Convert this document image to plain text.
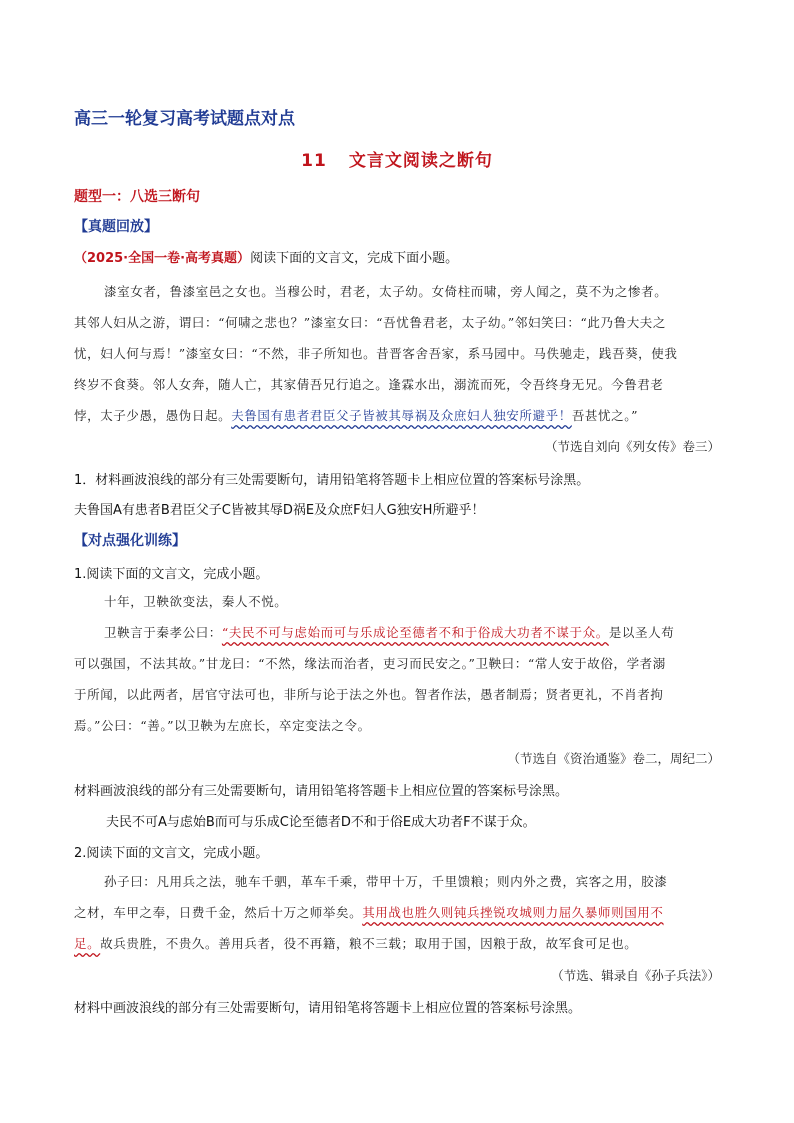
高三一轮复习高考试题点对点
11 文言文阅读之断句
题型一：八选三断句
【真题回放】
（2025·全国一卷·高考真题）阅读下面的文言文，完成下面小题。
漆室女者，鲁漆室邑之女也。当穆公时，君老，太子幼。女倚柱而啸，旁人闻之，莫不为之惨者。
其邻人妇从之游，谓曰：“何啸之悲也？”漆室女曰：“吾忧鲁君老，太子幼。”邻妇笑曰：“此乃鲁大夫之
忧，妇人何与焉！”漆室女曰：“不然，非子所知也。昔晋客舍吾家，系马园中。马佚驰走，践吾葵，使我
终岁不食葵。邻人女奔，随人亡，其家倩吾兄行追之。逢霖水出，溺流而死，令吾终身无兄。今鲁君老
悖，太子少愚，愚伪日起。夫鲁国有患者君臣父子皆被其辱祸及众庶妇人独安所避乎！吾甚忧之。”
（节选自刘向《列女传》卷三）
1．材料画波浪线的部分有三处需要断句，请用铅笔将答题卡上相应位置的答案标号涂黑。
夫鲁国A有患者B君臣父子C皆被其辱D祸E及众庶F妇人G独安H所避乎！
【对点强化训练】
1.阅读下面的文言文，完成小题。
十年，卫鞅欲变法，秦人不悦。
卫鞅言于秦孝公曰：“夫民不可与虑始而可与乐成论至德者不和于俗成大功者不谋于众。是以圣人苟
可以强国，不法其故。”甘龙曰：“不然，缘法而治者，吏习而民安之。”卫鞅曰：“常人安于故俗，学者溺
于所闻，以此两者，居官守法可也，非所与论于法之外也。智者作法，愚者制焉；贤者更礼，不肖者拘
焉。”公曰：“善。”以卫鞅为左庶长，卒定变法之令。
（节选自《资治通鉴》卷二，周纪二）
材料画波浪线的部分有三处需要断句，请用铅笔将答题卡上相应位置的答案标号涂黑。
夫民不可A与虑始B而可与乐成C论至德者D不和于俗E成大功者F不谋于众。
2.阅读下面的文言文，完成小题。
孙子曰：凡用兵之法，驰车千驷，革车千乘，带甲十万，千里馈粮；则内外之费，宾客之用，胶漆
之材，车甲之奉，日费千金，然后十万之师举矣。其用战也胜久则钝兵挫锐攻城则力屈久暴师则国用不
足。故兵贵胜，不贵久。善用兵者，役不再籍，粮不三载；取用于国，因粮于敌，故军食可足也。
（节选、辑录自《孙子兵法》）
材料中画波浪线的部分有三处需要断句，请用铅笔将答题卡上相应位置的答案标号涂黑。
